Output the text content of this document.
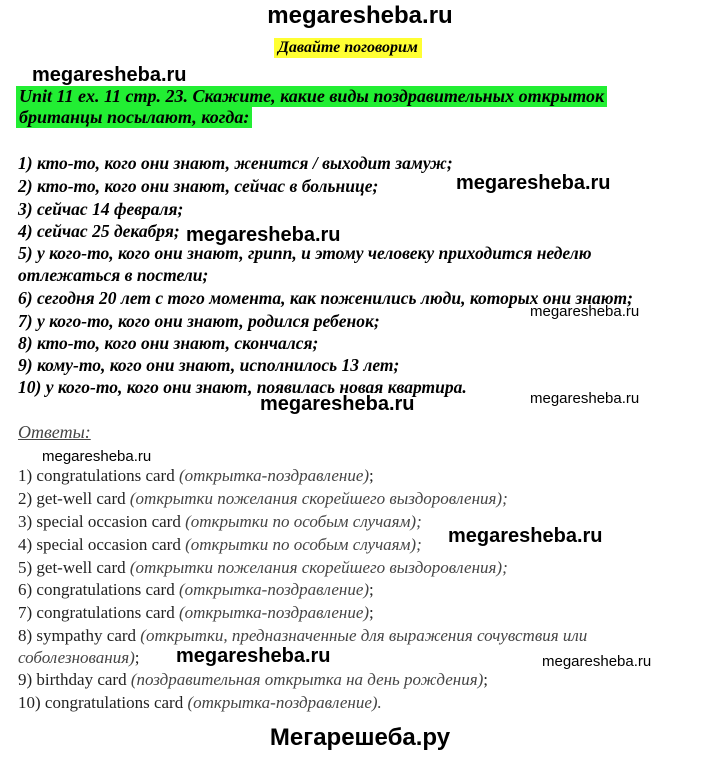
megaresheba.ru
Давайте поговорим
megaresheba.ru
Unit 11 ex. 11 стр. 23. Скажите, какие виды поздравительных открыток
британцы посылают, когда:
1) кто-то, кого они знают, женится / выходит замуж;
2) кто-то, кого они знают, сейчас в больнице;
3) сейчас 14 февраля;
4) сейчас 25 декабря;
5) у кого-то, кого они знают, грипп, и этому человеку приходится неделю
отлежаться в постели;
6) сегодня 20 лет с того момента, как поженились люди, которых они знают;
7) у кого-то, кого они знают, родился ребенок;
8) кто-то, кого они знают, скончался;
9) кому-то, кого они знают, исполнилось 13 лет;
10) у кого-то, кого они знают, появилась новая квартира.
megaresheba.ru
megaresheba.ru
megaresheba.ru
megaresheba.ru	megaresheba.ru
Ответы:
megaresheba.ru
1) congratulations card (открытка-поздравление);
2) get-well card (открытки пожелания скорейшего выздоровления);
3) special occasion card (открытки по особым случаям);
4) special occasion card (открытки по особым случаям);
5) get-well card (открытки пожелания скорейшего выздоровления);
6) congratulations card (открытка-поздравление);
7) congratulations card (открытка-поздравление);
8) sympathy card (открытки, предназначенные для выражения сочувствия или
соболезнования);
9) birthday card (поздравительная открытка на день рождения);
10) congratulations card (открытка-поздравление).
megaresheba.ru
megaresheba.ru	megaresheba.ru
Мегарешеба.ру
